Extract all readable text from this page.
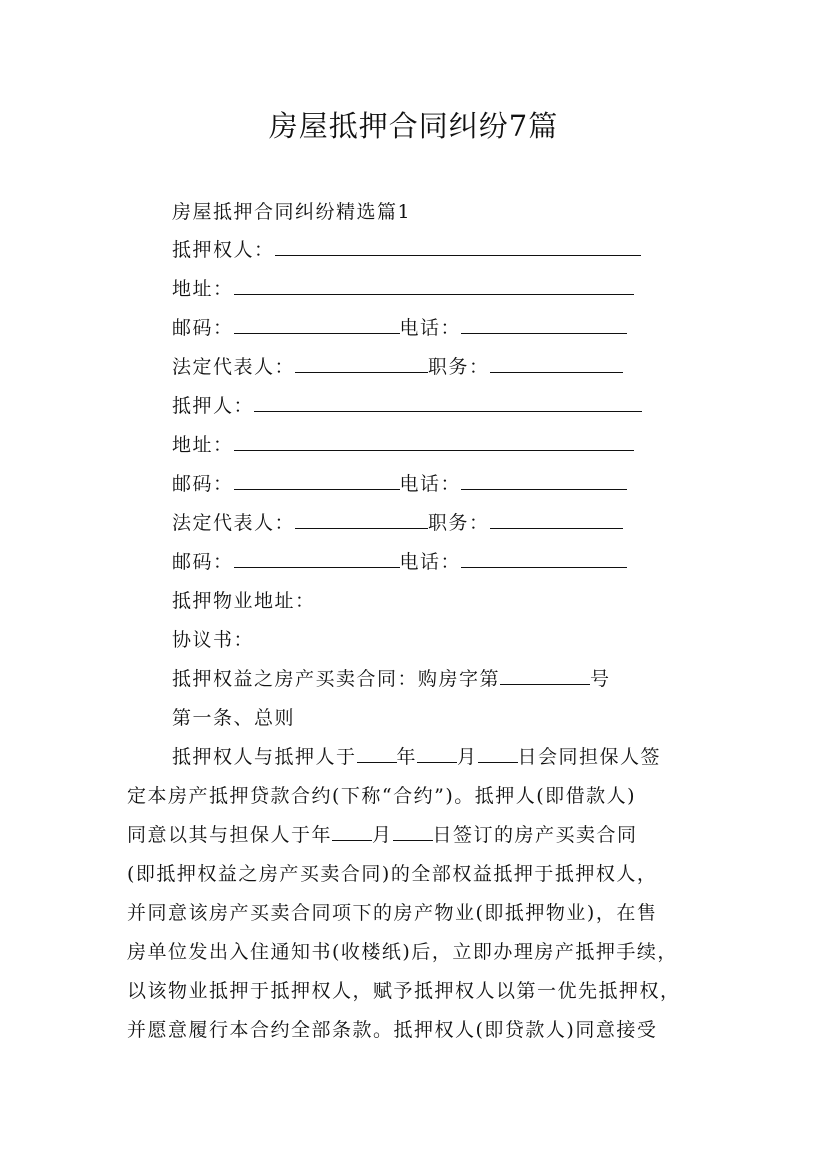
房屋抵押合同纠纷7篇
房屋抵押合同纠纷精选篇1
抵押权人：
地址：
邮码：	电话：
法定代表人：	职务：
抵押人：
地址：
邮码：	电话：
法定代表人：	职务：
邮码：	电话：
抵押物业地址：
协议书：
抵押权益之房产买卖合同：购房字第	号
第一条、总则
抵押权人与抵押人于 年 月 日会同担保人签
定本房产抵押贷款合约(下称“合约”)。抵押人(即借款人)
同意以其与担保人于年 月 日签订的房产买卖合同
(即抵押权益之房产买卖合同)的全部权益抵押于抵押权人，
并同意该房产买卖合同项下的房产物业(即抵押物业)，在售
房单位发出入住通知书(收楼纸)后，立即办理房产抵押手续，
以该物业抵押于抵押权人，赋予抵押权人以第一优先抵押权，
并愿意履行本合约全部条款。抵押权人(即贷款人)同意接受
